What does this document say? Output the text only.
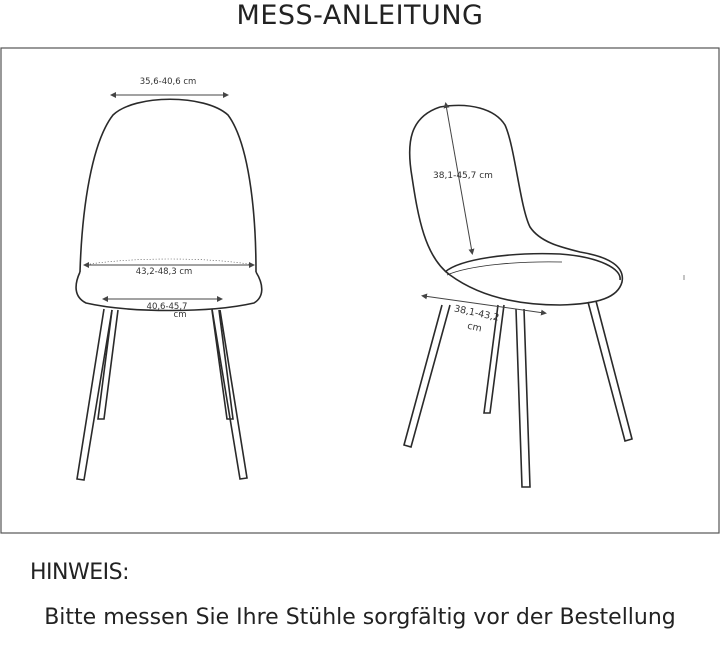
MESS-ANLEITUNG
35,6-40,6 cm
43,2-48,3 cm
40,6-45,7
cm
38,1-45,7 cm
38,1-43,2
cm
HINWEIS:
Bitte messen Sie Ihre Stühle sorgfältig vor der Bestellung
